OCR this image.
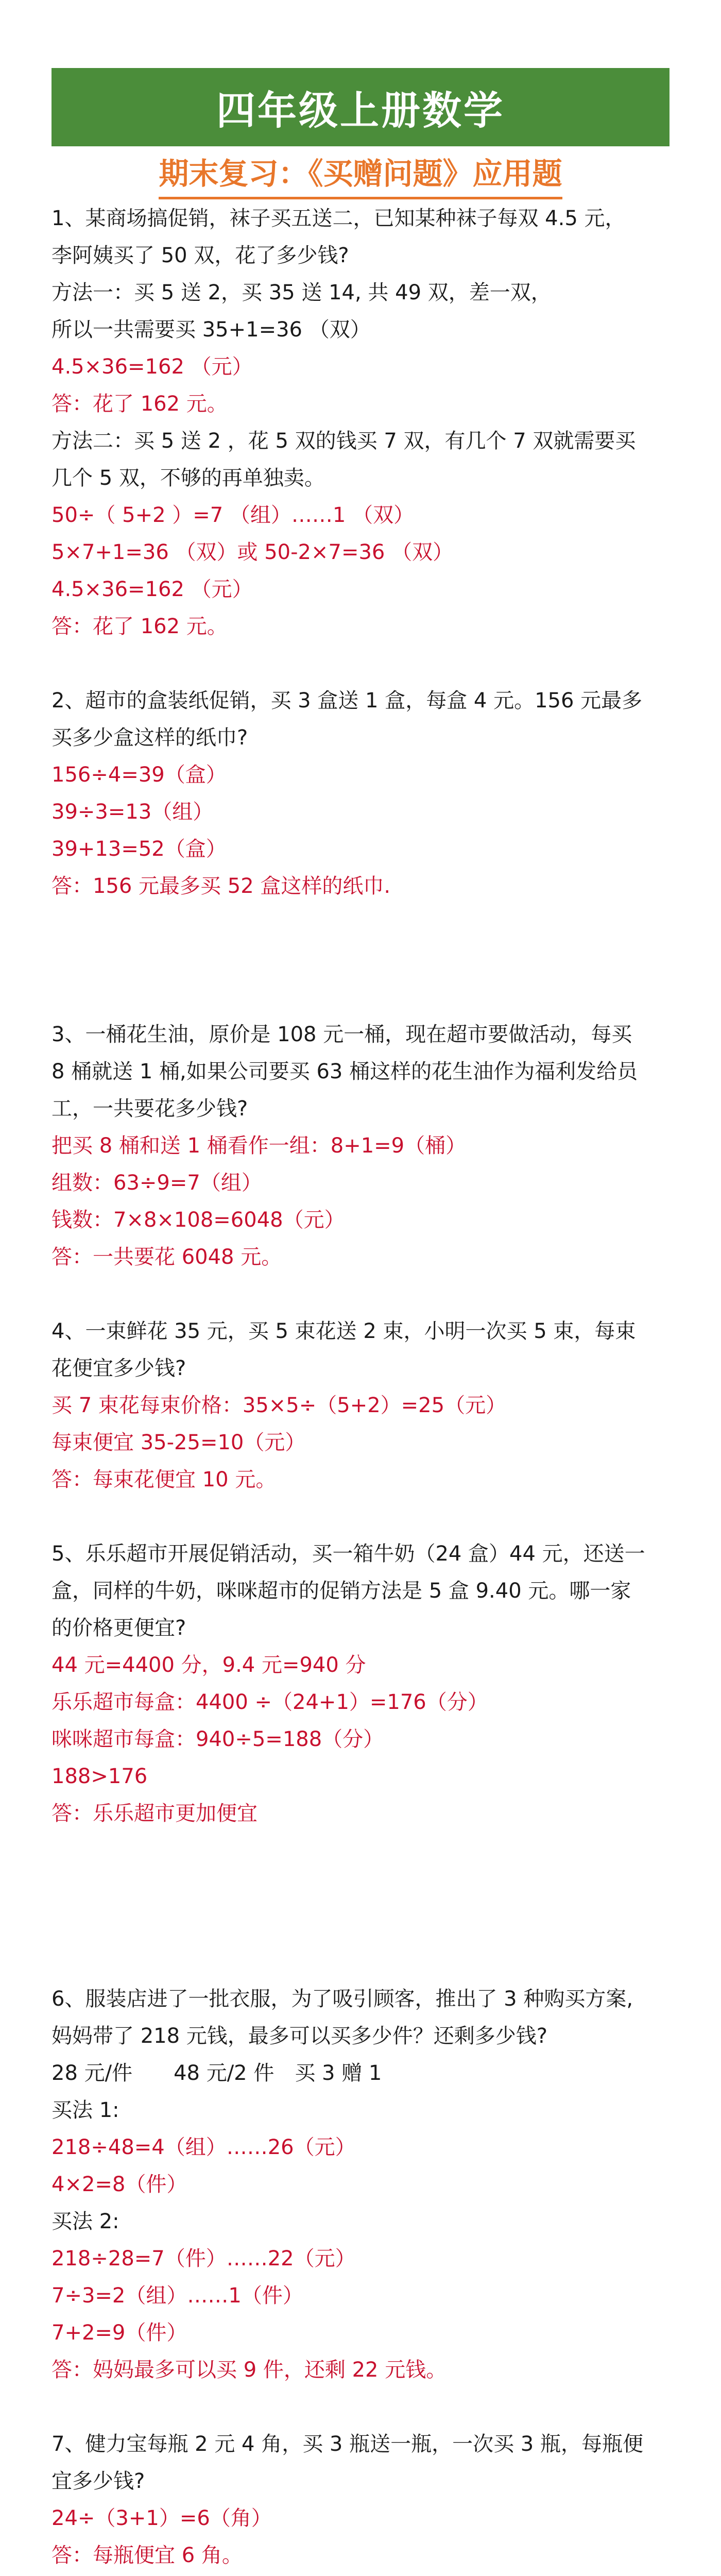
四年级上册数学
期末复习：《买赠问题》应用题
1、某商场搞促销，袜子买五送二，已知某种袜子每双 4.5 元，
李阿姨买了 50 双，花了多少钱?
方法一：买 5 送 2，买 35 送 14, 共 49 双，差一双，
所以一共需要买 35+1=36 （双）
4.5×36=162 （元）
答：花了 162 元。
方法二：买 5 送 2 ，花 5 双的钱买 7 双，有几个 7 双就需要买
几个 5 双，不够的再单独卖。
50÷（ 5+2 ）=7 （组）……1 （双）
5×7+1=36 （双）或 50-2×7=36 （双）
4.5×36=162 （元）
答：花了 162 元。
2、超市的盒装纸促销，买 3 盒送 1 盒，每盒 4 元。156 元最多
买多少盒这样的纸巾?
156÷4=39（盒）
39÷3=13（组）
39+13=52（盒）
答：156 元最多买 52 盒这样的纸巾.
3、一桶花生油，原价是 108 元一桶，现在超市要做活动，每买
8 桶就送 1 桶,如果公司要买 63 桶这样的花生油作为福利发给员
工，一共要花多少钱?
把买 8 桶和送 1 桶看作一组：8+1=9（桶）
组数：63÷9=7（组）
钱数：7×8×108=6048（元）
答：一共要花 6048 元。
4、一束鲜花 35 元，买 5 束花送 2 束，小明一次买 5 束，每束
花便宜多少钱?
买 7 束花每束价格：35×5÷（5+2）=25（元）
每束便宜 35-25=10（元）
答：每束花便宜 10 元。
5、乐乐超市开展促销活动，买一箱牛奶（24 盒）44 元，还送一
盒，同样的牛奶，咪咪超市的促销方法是 5 盒 9.40 元。哪一家
的价格更便宜?
44 元=4400 分，9.4 元=940 分
乐乐超市每盒：4400 ÷（24+1）=176（分）
咪咪超市每盒：940÷5=188（分）
188>176
答：乐乐超市更加便宜
6、服装店进了一批衣服，为了吸引顾客，推出了 3 种购买方案,
妈妈带了 218 元钱，最多可以买多少件？还剩多少钱?
28 元/件　　48 元/2 件　买 3 赠 1
买法 1:
218÷48=4（组）……26（元）
4×2=8（件）
买法 2:
218÷28=7（件）……22（元）
7÷3=2（组）……1（件）
7+2=9（件）
答：妈妈最多可以买 9 件，还剩 22 元钱。
7、健力宝每瓶 2 元 4 角，买 3 瓶送一瓶，一次买 3 瓶，每瓶便
宜多少钱?
24÷（3+1）=6（角）
答：每瓶便宜 6 角。
